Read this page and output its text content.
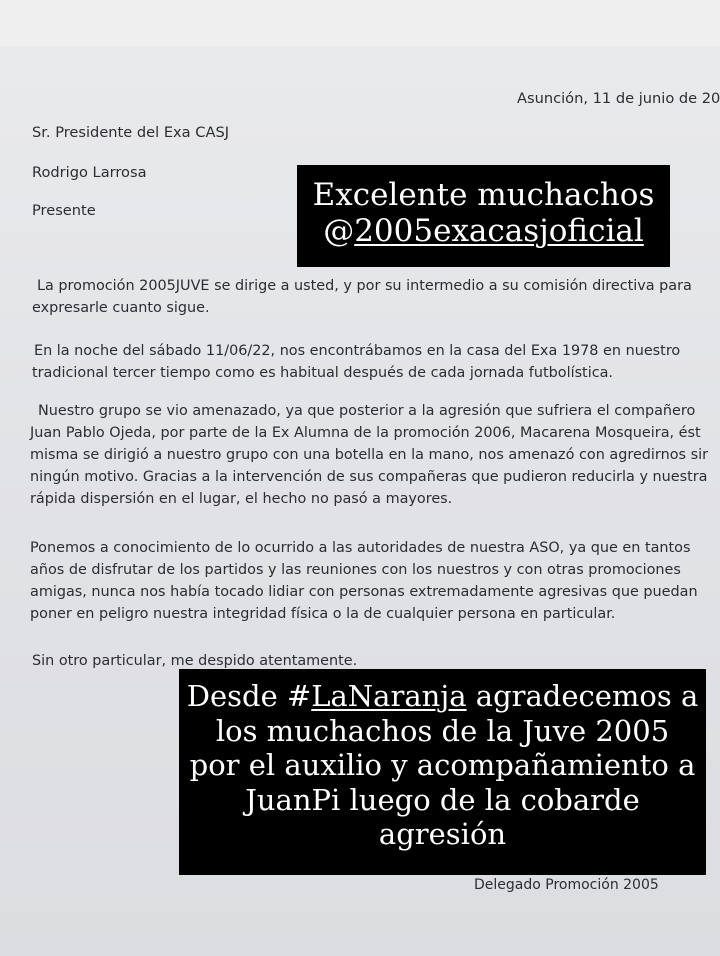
Asunción, 11 de junio de 20
Sr. Presidente del Exa CASJ
Rodrigo Larrosa
Presente
La promoción 2005JUVE se dirige a usted, y por su intermedio a su comisión directiva para
expresarle cuanto sigue.
En la noche del sábado 11/06/22, nos encontrábamos en la casa del Exa 1978 en nuestro
tradicional tercer tiempo como es habitual después de cada jornada futbolística.
Nuestro grupo se vio amenazado, ya que posterior a la agresión que sufriera el compañero
Juan Pablo Ojeda, por parte de la Ex Alumna de la promoción 2006, Macarena Mosqueira, ést
misma se dirigió a nuestro grupo con una botella en la mano, nos amenazó con agredirnos sir
ningún motivo. Gracias a la intervención de sus compañeras que pudieron reducirla y nuestra
rápida dispersión en el lugar, el hecho no pasó a mayores.
Ponemos a conocimiento de lo ocurrido a las autoridades de nuestra ASO, ya que en tantos
años de disfrutar de los partidos y las reuniones con los nuestros y con otras promociones
amigas, nunca nos había tocado lidiar con personas extremadamente agresivas que puedan
poner en peligro nuestra integridad física o la de cualquier persona en particular.
Sin otro particular, me despido atentamente.
Delegado Promoción 2005
Excelente muchachos
@2005exacasjoficial
Desde #LaNaranja agradecemos a
los muchachos de la Juve 2005
por el auxilio y acompañamiento a
JuanPi luego de la cobarde
agresión
